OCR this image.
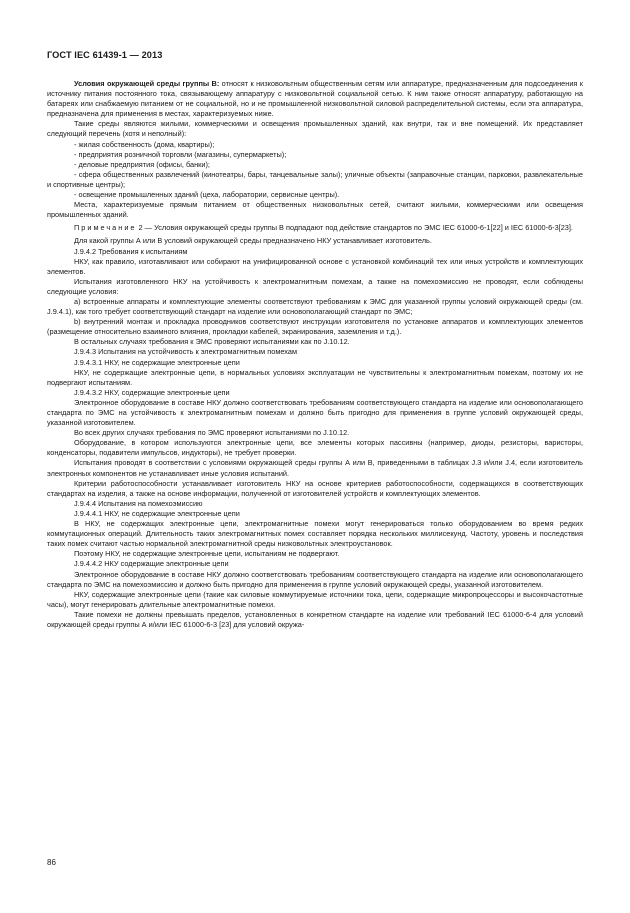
ГОСТ IEC 61439-1 — 2013

Условия окружающей среды группы В: относят к низковольтным общественным сетям или аппаратуре, предназначенным для подсоединения к источнику питания постоянного тока, связывающему аппаратуру с низковольтной социальной сетью. К ним также относят аппаратуру, работающую на батареях или снабжаемую питанием от не социальной, но и не промышленной низковольтной силовой распределительной системы, если эта аппаратура, предназначена для применения в местах, характеризуемых ниже.

Такие среды являются жилыми, коммерческими и освещения промышленных зданий, как внутри, так и вне помещений. Их представляет следующий перечень (хотя и неполный):

- жилая собственность (дома, квартиры);

- предприятия розничной торговли (магазины, супермаркеты);

- деловые предприятия (офисы, банки);

- сфера общественных развлечений (кинотеатры, бары, танцевальные залы); уличные объекты (заправочные станции, парковки, развлекательные и спортивные центры);

- освещение промышленных зданий (цеха, лаборатории, сервисные центры).

Места, характеризуемые прямым питанием от общественных низковольтных сетей, считают жилыми, коммерческими или освещения промышленных зданий.

Примечание 2 — Условия окружающей среды группы В подпадают под действие стандартов по ЭМС IEC 61000-6-1[22] и IEC 61000-6-3[23].

Для какой группы А или В условий окружающей среды предназначено НКУ устанавливает изготовитель.

J.9.4.2 Требования к испытаниям

НКУ, как правило, изготавливают или собирают на унифицированной основе с установкой комбинаций тех или иных устройств и комплектующих элементов.

Испытания изготовленного НКУ на устойчивость к электромагнитным помехам, а также на помехоэмиссию не проводят, если соблюдены следующие условия:

а) встроенные аппараты и комплектующие элементы соответствуют требованиям к ЭМС для указанной группы условий окружающей среды (см. J.9.4.1), как того требует соответствующий стандарт на изделие или основополагающий стандарт по ЭМС;

b) внутренний монтаж и прокладка проводников соответствуют инструкции изготовителя по установке аппаратов и комплектующих элементов (размещение относительно взаимного влияния, прокладки кабелей, экранирования, заземления и т.д.).

В остальных случаях требования к ЭМС проверяют испытаниями как по J.10.12.

J.9.4.3 Испытания на устойчивость к электромагнитным помехам

J.9.4.3.1 НКУ, не содержащие электронные цепи

НКУ, не содержащие электронные цепи, в нормальных условиях эксплуатации не чувствительны к электромагнитным помехам, поэтому их не подвергают испытаниям.

J.9.4.3.2 НКУ, содержащие электронные цепи

Электронное оборудование в составе НКУ должно соответствовать требованиям соответствующего стандарта на изделие или основополагающего стандарта по ЭМС на устойчивость к электромагнитным помехам и должно быть пригодно для применения в группе условий окружающей среды, указанной изготовителем.

Во всех других случаях требования по ЭМС проверяют испытаниями по J.10.12.

Оборудование, в котором используются электронные цепи, все элементы которых пассивны (например, диоды, резисторы, варисторы, конденсаторы, подавители импульсов, индукторы), не требует проверки.

Испытания проводят в соответствии с условиями окружающей среды группы А или В, приведенными в таблицах J.3 и/или J.4, если изготовитель электронных компонентов не устанавливает иные условия испытаний.

Критерии работоспособности устанавливает изготовитель НКУ на основе критериев работоспособности, содержащихся в соответствующих стандартах на изделия, а также на основе информации, полученной от изготовителей устройств и комплектующих элементов.

J.9.4.4 Испытания на помехоэмиссию

J.9.4.4.1 НКУ, не содержащие электронные цепи

В НКУ, не содержащих электронные цепи, электромагнитные помехи могут генерироваться только оборудованием во время редких коммутационных операций. Длительность таких электромагнитных помех составляет порядка нескольких миллисекунд. Частоту, уровень и последствия таких помех считают частью нормальной электромагнитной среды низковольтных электроустановок.

Поэтому НКУ, не содержащие электронные цепи, испытаниям не подвергают.

J.9.4.4.2 НКУ содержащие электронные цепи

Электронное оборудование в составе НКУ должно соответствовать требованиям соответствующего стандарта на изделие или основополагающего стандарта по ЭМС на помехоэмиссию и должно быть пригодно для применения в группе условий окружающей среды, указанной изготовителем.

НКУ, содержащие электронные цепи (такие как силовые коммутируемые источники тока, цепи, содержащие микропроцессоры и высокочастотные часы), могут генерировать длительные электромагнитные помехи.

Такие помехи не должны превышать пределов, установленных в конкретном стандарте на изделие или требований IEC 61000-6-4 для условий окружающей среды группы А и/или IEC 61000-6-3 [23] для условий окружа-

86
